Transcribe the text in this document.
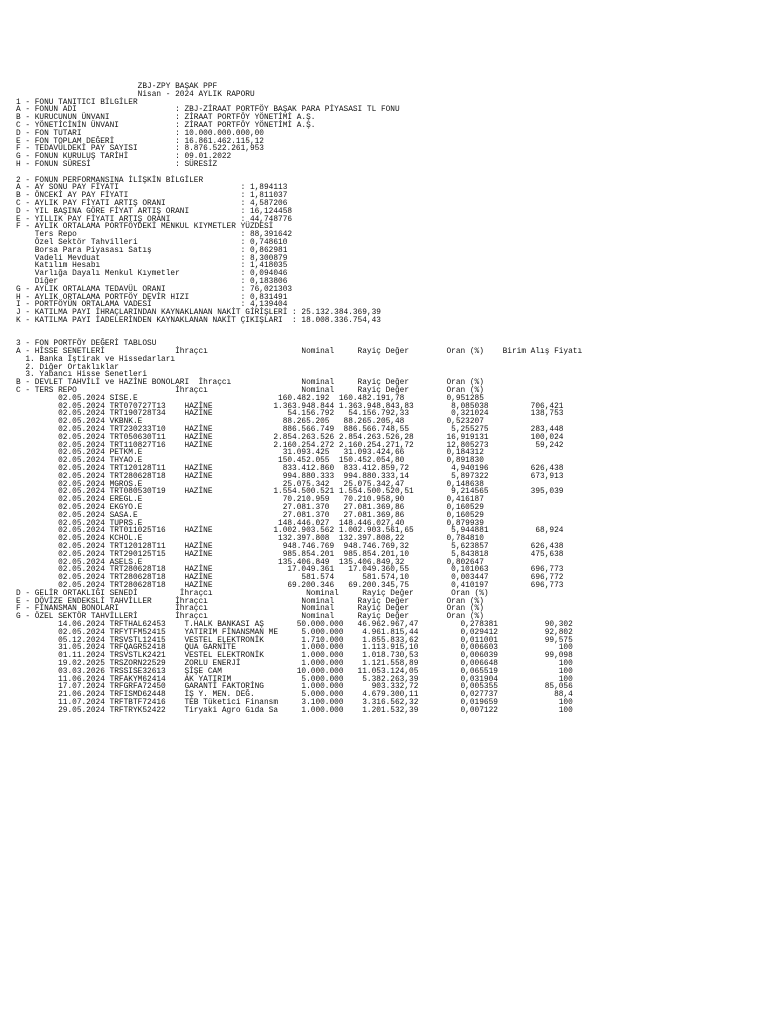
ZBJ-ZPY BAŞAK PPF
Nisan - 2024 AYLIK RAPORU
1 - FONU TANITICI BİLGİLER
A - FONUN ADI                     : ZBJ-ZİRAAT PORTFÖY BAŞAK PARA PİYASASI TL FONU
B - KURUCUNUN ÜNVANI              : ZİRAAT PORTFÖY YÖNETİMİ A.Ş.
C - YÖNETİCİNİN ÜNVANI            : ZİRAAT PORTFÖY YÖNETİMİ A.Ş.
D - FON TUTARI                    : 10.000.000.000,00
E - FON TOPLAM DEĞERİ             : 16.861.462.115,12
F - TEDAVÜLDEKİ PAY SAYISI        : 8.876.522.261,953
G - FONUN KURULUŞ TARİHİ          : 09.01.2022
H - FONUN SÜRESİ                  : SÜRESİZ

2 - FONUN PERFORMANSINA İLİŞKİN BİLGİLER
A - AY SONU PAY FİYATI                          : 1,894113
B - ÖNCEKİ AY PAY FİYATI                        : 1,811037
C - AYLIK PAY FİYATI ARTIŞ ORANI                : 4,587206
D - YIL BAŞINA GÖRE FİYAT ARTIŞ ORANI           : 16,124458
E - YILLIK PAY FİYATI ARTIŞ ORANI               : 44,748776
F - AYLIK ORTALAMA PORTFÖYDEKİ MENKUL KIYMETLER YÜZDESİ
Ters Repo                                   : 88,391642
Özel Sektör Tahvilleri                      : 0,748610
Borsa Para Piyasası Satış                   : 0,862981
Vadeli Mevduat                              : 8,300879
Katılım Hesabı                              : 1,418035
Varlığa Dayalı Menkul Kıymetler             : 0,094046
Diğer                                       : 0,183806
G - AYLIK ORTALAMA TEDAVÜL ORANI                : 76,021303
H - AYLIK ORTALAMA PORTFÖY DEVİR HIZI           : 0,831491
I - PORTFÖYÜN ORTALAMA VADESİ                   : 4,139404
J - KATILMA PAYI İHRAÇLARINDAN KAYNAKLANAN NAKİT GİRİŞLERİ : 25.132.384.369,39
K - KATILMA PAYI İADELERİNDEN KAYNAKLANAN NAKİT ÇIKIŞLARI  : 18.008.336.754,43

3 - FON PORTFÖY DEĞERİ TABLOSU
A - HİSSE SENETLERİ               İhraçcı                    Nominal     Rayiç Değer        Oran (%)    Birim Alış Fiyatı
1. Banka İştirak ve Hissedarları
2. Diğer Ortaklıklar
3. Yabancı Hisse Senetleri
B - DEVLET TAHVİLİ ve HAZİNE BONOLARI  İhraçcı               Nominal     Rayiç Değer        Oran (%)
C - TERS REPO                     İhraçcı                    Nominal     Rayiç Değer        Oran (%)
02.05.2024 SISE.E                              160.482.192  160.482.191,78         0,951285
02.05.2024 TRT070727T13    HAZİNE             1.363.948.844 1.363.948.843,83        8,085038         706,421
02.05.2024 TRT190728T34    HAZİNE                54.156.792   54.156.792,33         0,321024         138,753
02.05.2024 VKBNK.E                              88.265.205   88.265.205,48         0,523207
02.05.2024 TRT230233T10    HAZİNE               886.566.749  886.566.748,55         5,255275         283,448
02.05.2024 TRT050630T11    HAZİNE             2.854.263.526 2.854.263.526,28       16,919131         100,024
02.05.2024 TRT110827T16    HAZİNE             2.160.254.272 2.160.254.271,72       12,805273          59,242
02.05.2024 PETKM.E                              31.093.425   31.093.424,66         0,184312
02.05.2024 THYAO.E                             150.452.055  150.452.054,80         0,891830
02.05.2024 TRT120128T11    HAZİNE               833.412.860  833.412.859,72         4,940196         626,438
02.05.2024 TRT280628T18    HAZİNE               994.880.333  994.880.333,14         5,897322         673,913
02.05.2024 MGROS.E                              25.075.342   25.075.342,47         0,148638
02.05.2024 TRT080530T19    HAZİNE             1.554.500.521 1.554.500.520,51        9,214565         395,039
02.05.2024 EREGL.E                              70.210.959   70.210.958,90         0,416187
02.05.2024 EKGYO.E                              27.081.370   27.081.369,86         0,160529
02.05.2024 SASA.E                               27.081.370   27.081.369,86         0,160529
02.05.2024 TUPRS.E                             148.446.027  148.446.027,40         0,879939
02.05.2024 TRT011025T16    HAZİNE             1.002.903.562 1.002.903.561,65        5,944881          68,924
02.05.2024 KCHOL.E                             132.397.808  132.397.808,22         0,784810
02.05.2024 TRT120128T11    HAZİNE               948.746.769  948.746.769,32         5,623857         626,438
02.05.2024 TRT290125T15    HAZİNE               985.854.201  985.854.201,10         5,843818         475,638
02.05.2024 ASELS.E                             135.406.849  135.406.849,32         0,802647
02.05.2024 TRT280628T18    HAZİNE                17.049.361   17.049.360,55         0,101063         696,773
02.05.2024 TRT280628T18    HAZİNE                   581.574      581.574,10         0,003447         696,772
02.05.2024 TRT280628T18    HAZİNE                69.200.346   69.200.345,75         0,410197         696,773
D - GELİR ORTAKLIĞI SENEDİ         İhraçcı                    Nominal     Rayiç Değer        Oran (%)
E - DÖVİZE ENDEKSLİ TAHVİLLER     İhraçcı                    Nominal     Rayiç Değer        Oran (%)
F - FİNANSMAN BONOLARI            İhraçcı                    Nominal     Rayiç Değer        Oran (%)
G - ÖZEL SEKTÖR TAHVİLLERİ        İhraçcı                    Nominal     Rayiç Değer        Oran (%)
14.06.2024 TRFTHAL62453    T.HALK BANKASI AŞ       50.000.000   46.962.967,47         0,278381          90,302
02.05.2024 TRFYTFM52415    YATIRIM FİNANSMAN ME     5.000.000    4.961.815,44         0,029412          92,802
05.12.2024 TRSVSTL12415    VESTEL ELEKTRONİK        1.710.000    1.855.833,62         0,011001          99,575
31.05.2024 TRFQAGR52418    QUA GARNİTE              1.000.000    1.113.915,10         0,006603             100
01.11.2024 TRSVSTLK2421    VESTEL ELEKTRONİK        1.000.000    1.018.730,53         0,006039          99,098
19.02.2025 TRSZORN22529    ZORLU ENERJİ             1.000.000    1.121.558,89         0,006648             100
03.03.2026 TRSSISE32613    ŞİŞE CAM                10.000.000   11.053.124,05         0,065519             100
11.06.2024 TRFAKYM62414    AK YATIRIM               5.000.000    5.382.263,39         0,031904             100
17.07.2024 TRFGRFA72450    GARANTİ FAKTORİNG        1.000.000      903.332,72         0,005355          85,056
21.06.2024 TRFISMD62448    İŞ Y. MEN. DEĞ.          5.000.000    4.679.300,11         0,027737            88,4
11.07.2024 TRFTBTF72416    TEB Tüketici Finansm     3.100.000    3.316.562,32         0,019659             100
29.05.2024 TRFTRYK52422    Tiryaki Agro Gıda Sa     1.000.000    1.201.532,39         0,007122             100
